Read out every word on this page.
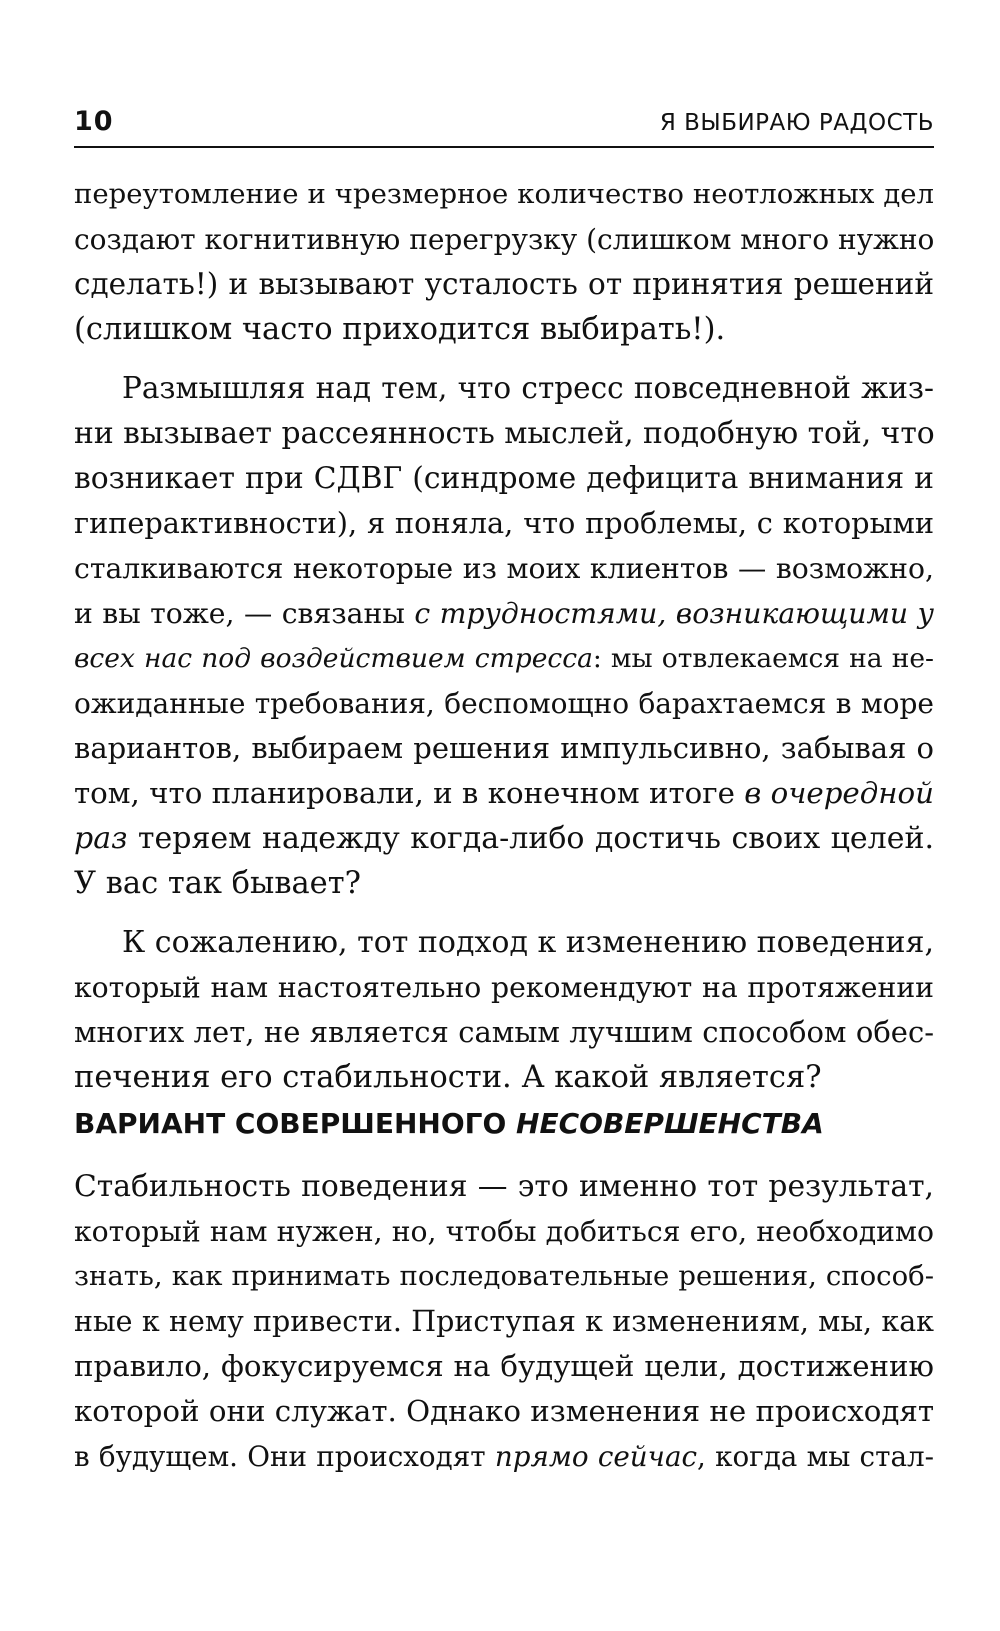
10	Я ВЫБИРАЮ РАДОСТЬ

переутомление и чрезмерное количество неотложных дел
создают когнитивную перегрузку (слишком много нужно
сделать!) и вызывают усталость от принятия решений
(слишком часто приходится выбирать!).

Размышляя над тем, что стресс повседневной жиз-
ни вызывает рассеянность мыслей, подобную той, что
возникает при СДВГ (синдроме дефицита внимания и
гиперактивности), я поняла, что проблемы, с которыми
сталкиваются некоторые из моих клиентов — возможно,
и вы тоже, — связаны с трудностями, возникающими у
всех нас под воздействием стресса: мы отвлекаемся на не-
ожиданные требования, беспомощно барахтаемся в море
вариантов, выбираем решения импульсивно, забывая о
том, что планировали, и в конечном итоге в очередной
раз теряем надежду когда-либо достичь своих целей.
У вас так бывает?

К сожалению, тот подход к изменению поведения,
который нам настоятельно рекомендуют на протяжении
многих лет, не является самым лучшим способом обес-
печения его стабильности. А какой является?

ВАРИАНТ СОВЕРШЕННОГО НЕСОВЕРШЕНСТВА
Стабильность поведения — это именно тот результат,
который нам нужен, но, чтобы добиться его, необходимо
знать, как принимать последовательные решения, способ-
ные к нему привести. Приступая к изменениям, мы, как
правило, фокусируемся на будущей цели, достижению
которой они служат. Однако изменения не происходят
в будущем. Они происходят прямо сейчас, когда мы стал-
